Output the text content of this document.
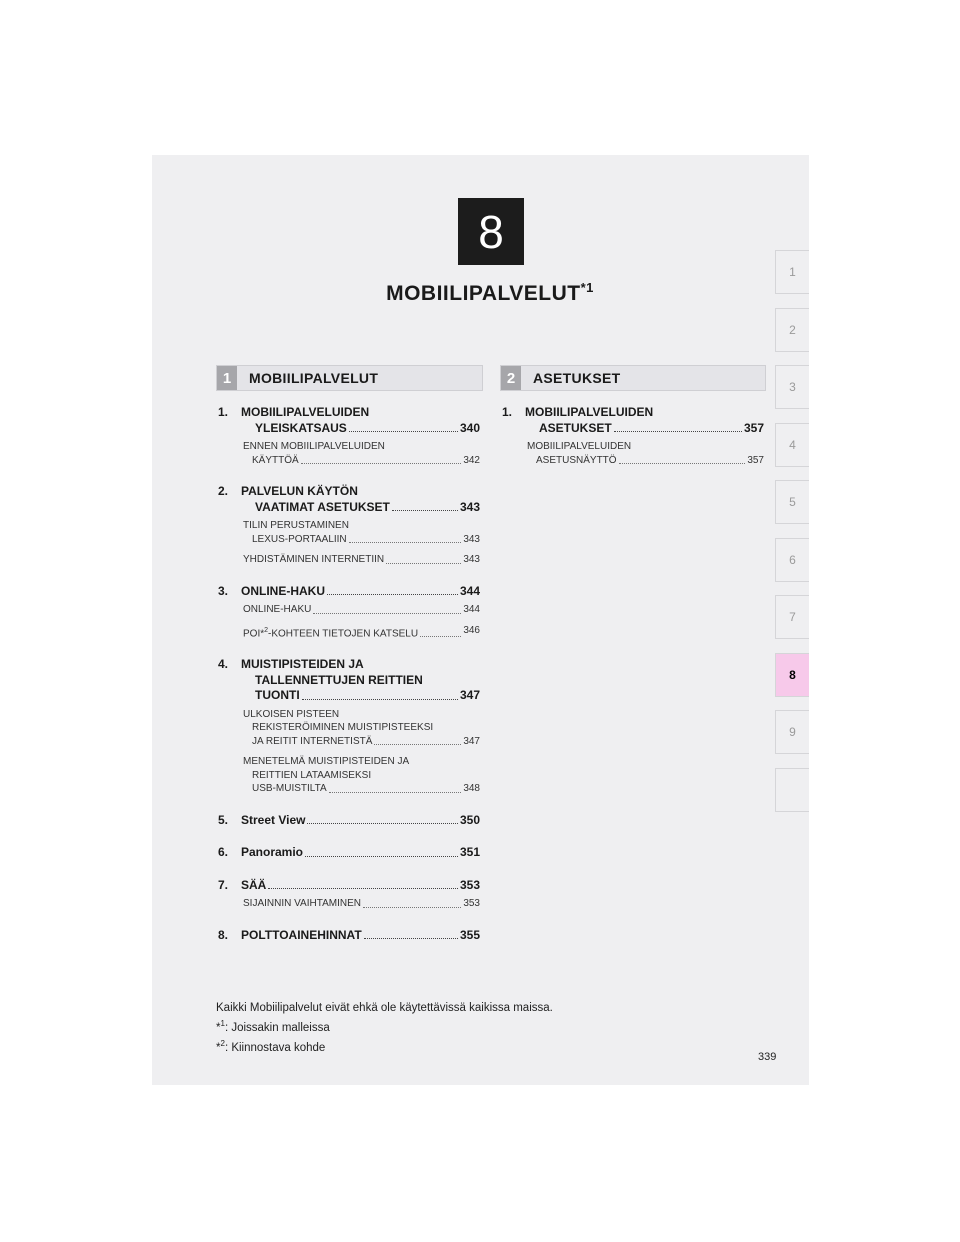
8
MOBIILIPALVELUT$^{*1}$
1
2
3
4
5
6
7
8
9
1	MOBIILIPALVELUT	2	ASETUKSET
1. MOBIILIPALVELUIDEN
YLEISKATSAUS	340
ENNEN MOBIILIPALVELUIDEN
KÄYTTÖÄ	342
2. PALVELUN KÄYTÖN
VAATIMAT ASETUKSET	343
TILIN PERUSTAMINEN
LEXUS-PORTAALIIN	343
YHDISTÄMINEN INTERNETIIN	343
3. ONLINE-HAKU	344
ONLINE-HAKU	344
POI*$^2$-KOHTEEN TIETOJEN KATSELU	346
4. MUISTIPISTEIDEN JA
TALLENNETTUJEN REITTIEN
TUONTI	347
ULKOISEN PISTEEN
REKISTERÖIMINEN MUISTIPISTEEKSI
JA REITIT INTERNETISTÄ	347
MENETELMÄ MUISTIPISTEIDEN JA
REITTIEN LATAAMISEKSI
USB-MUISTILTA	348
5. Street View	350
6. Panoramio	351
7. SÄÄ	353
SIJAINNIN VAIHTAMINEN	353
8. POLTTOAINEHINNAT	355
1. MOBIILIPALVELUIDEN
ASETUKSET	357
MOBIILIPALVELUIDEN
ASETUSNÄYTTÖ	357
Kaikki Mobiilipalvelut eivät ehkä ole käytettävissä kaikissa maissa.
*$^1$: Joissakin malleissa
*$^2$: Kiinnostava kohde
339
